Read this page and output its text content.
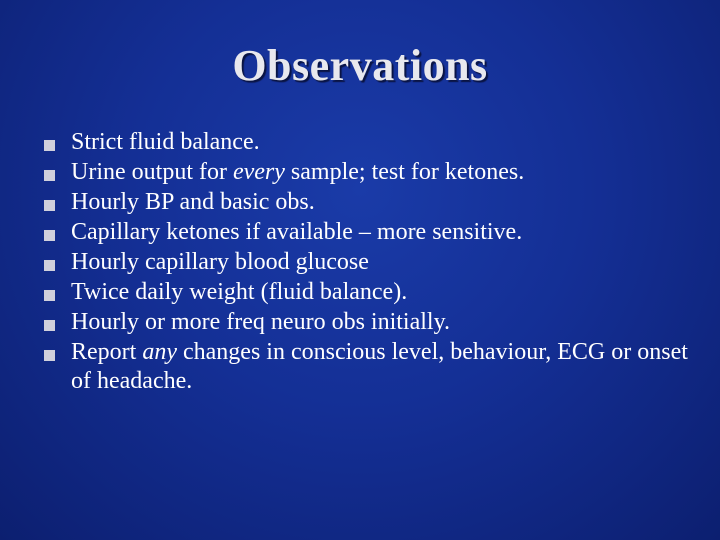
Observations
Strict fluid balance.
Urine output for every sample; test for ketones.
Hourly BP and basic obs.
Capillary ketones if available – more sensitive.
Hourly capillary blood glucose
Twice daily weight (fluid balance).
Hourly or more freq neuro obs initially.
Report any changes in conscious level, behaviour, ECG or onset of headache.
